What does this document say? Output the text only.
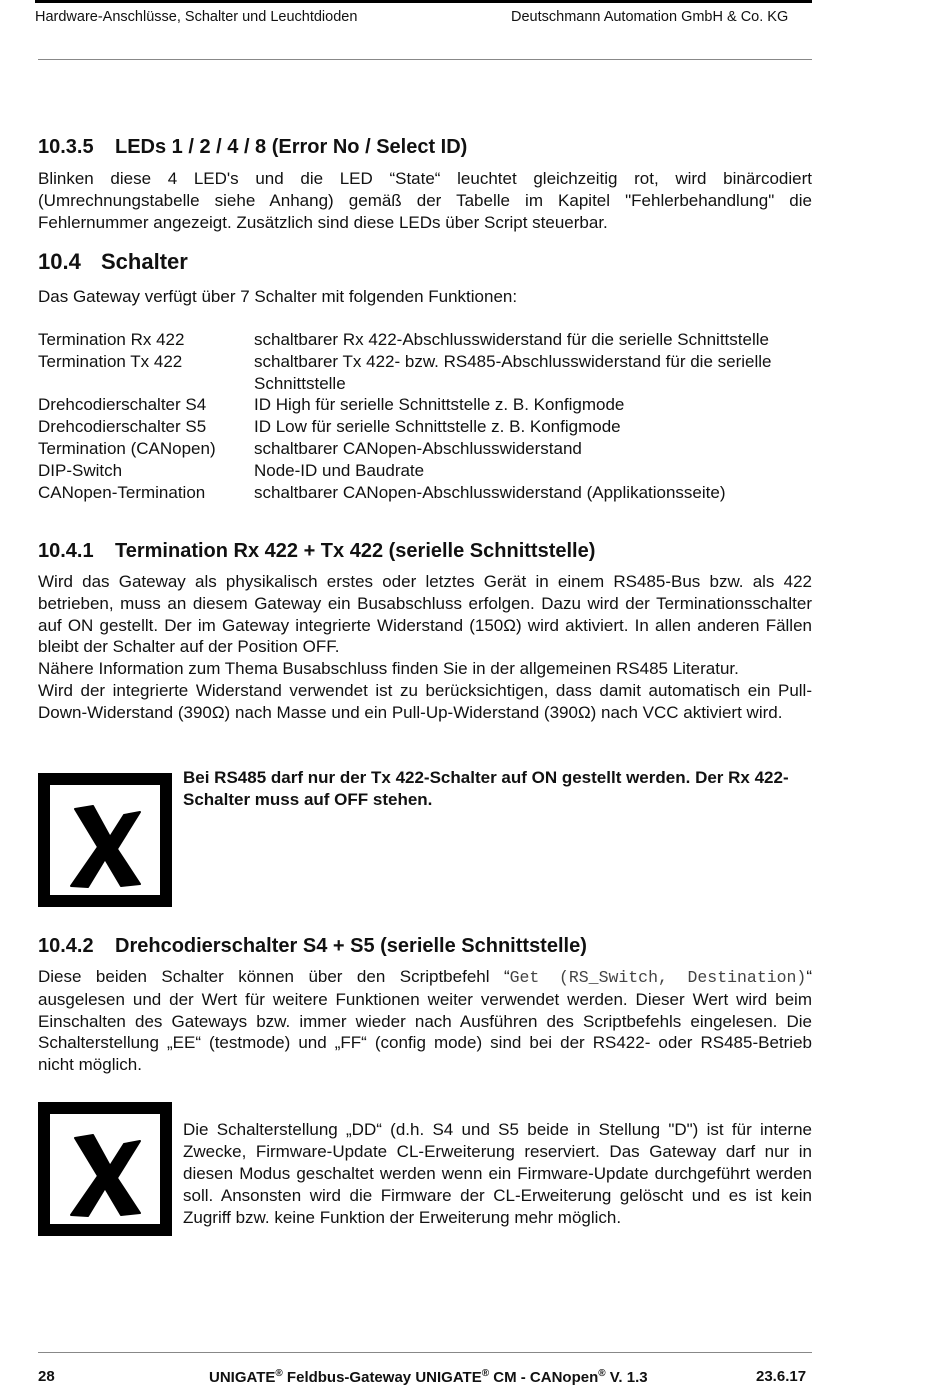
Hardware-Anschlüsse, Schalter und Leuchtdioden	Deutschmann Automation GmbH & Co. KG
10.3.5 LEDs 1 / 2 / 4 / 8 (Error No / Select ID)
Blinken diese 4 LED's und die LED “State“ leuchtet gleichzeitig rot, wird binärcodiert (Umrechnungstabelle siehe Anhang) gemäß der Tabelle im Kapitel "Fehlerbehandlung" die Fehlernummer angezeigt. Zusätzlich sind diese LEDs über Script steuerbar.
10.4 Schalter
Das Gateway verfügt über 7 Schalter mit folgenden Funktionen:
Termination Rx 422	schaltbarer Rx 422-Abschlusswiderstand für die serielle Schnittstelle
Termination Tx 422	schaltbarer Tx 422- bzw. RS485-Abschlusswiderstand für die serielle Schnittstelle
Drehcodierschalter S4	ID High für serielle Schnittstelle z. B. Konfigmode
Drehcodierschalter S5	ID Low für serielle Schnittstelle z. B. Konfigmode
Termination (CANopen)	schaltbarer CANopen-Abschlusswiderstand
DIP-Switch	Node-ID und Baudrate
CANopen-Termination	schaltbarer CANopen-Abschlusswiderstand (Applikationsseite)
10.4.1 Termination Rx 422 + Tx 422 (serielle Schnittstelle)
Wird das Gateway als physikalisch erstes oder letztes Gerät in einem RS485-Bus bzw. als 422 betrieben, muss an diesem Gateway ein Busabschluss erfolgen. Dazu wird der Terminationsschalter auf ON gestellt. Der im Gateway integrierte Widerstand (150Ω) wird aktiviert. In allen anderen Fällen bleibt der Schalter auf der Position OFF.
Nähere Information zum Thema Busabschluss finden Sie in der allgemeinen RS485 Literatur.
Wird der integrierte Widerstand verwendet ist zu berücksichtigen, dass damit automatisch ein Pull-Down-Widerstand (390Ω) nach Masse und ein Pull-Up-Widerstand (390Ω) nach VCC aktiviert wird.
Bei RS485 darf nur der Tx 422-Schalter auf ON gestellt werden. Der Rx 422-Schalter muss auf OFF stehen.
10.4.2 Drehcodierschalter S4 + S5 (serielle Schnittstelle)
Diese beiden Schalter können über den Scriptbefehl “Get (RS_Switch, Destination)“ ausgelesen und der Wert für weitere Funktionen weiter verwendet werden. Dieser Wert wird beim Einschalten des Gateways bzw. immer wieder nach Ausführen des Scriptbefehls eingelesen. Die Schalterstellung „EE“ (testmode) und „FF“ (config mode) sind bei der RS422- oder RS485-Betrieb nicht möglich.
Die Schalterstellung „DD“ (d.h. S4 und S5 beide in Stellung "D") ist für interne Zwecke, Firmware-Update CL-Erweiterung reserviert. Das Gateway darf nur in diesen Modus geschaltet werden wenn ein Firmware-Update durchgeführt werden soll. Ansonsten wird die Firmware der CL-Erweiterung gelöscht und es ist kein Zugriff bzw. keine Funktion der Erweiterung mehr möglich.
28	UNIGATE® Feldbus-Gateway UNIGATE® CM - CANopen® V. 1.3	23.6.17
